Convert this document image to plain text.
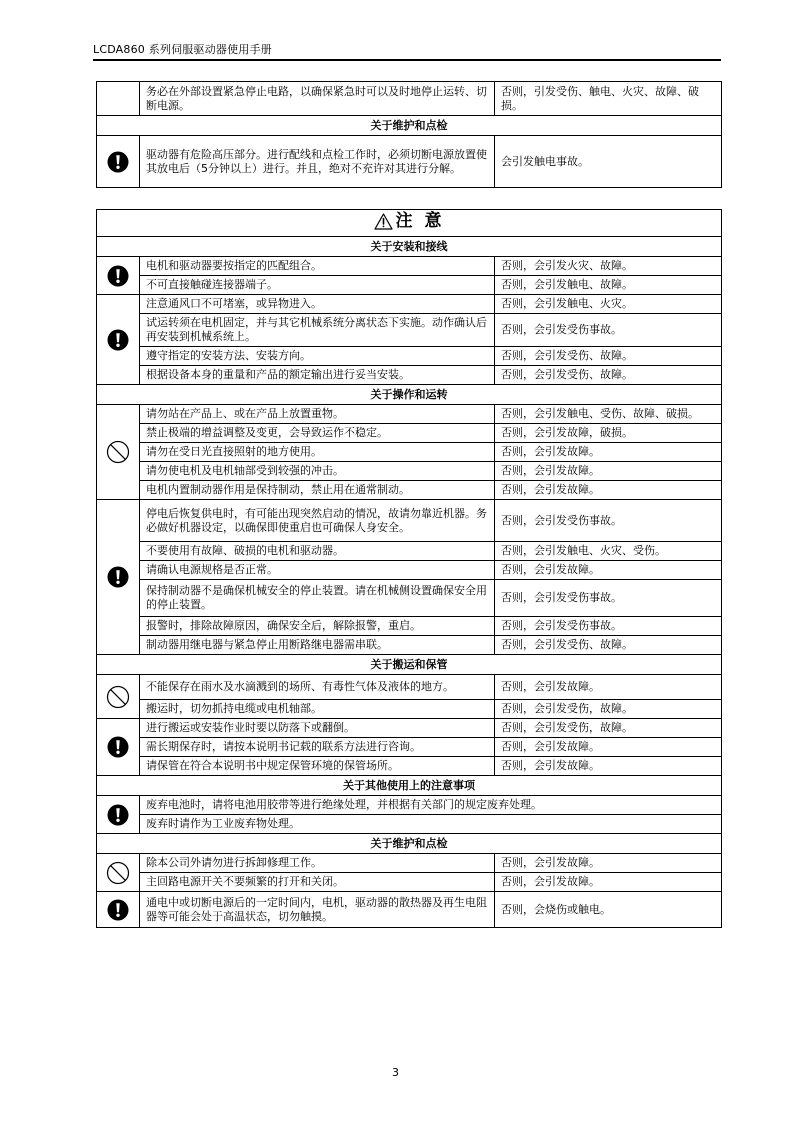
LCDA860 系列伺服驱动器使用手册
	务必在外部设置紧急停止电路，以确保紧急时可以及时地停止运转、切断电源。	否则，引发受伤、触电、火灾、故障、破损。
关于维护和点检		

	驱动器有危险高压部分。进行配线和点检工作时，必须切断电源放置使其放电后（5分钟以上）进行。并且，绝对不充许对其进行分解。	会引发触电事故。
注 意		

关于安装和接线		

	电机和驱动器要按指定的匹配组合。	否则，会引发火灾、故障。
	不可直接触碰连接器端子。	否则，会引发触电、故障。

	注意通风口不可堵塞，或异物进入。	否则，会引发触电、火灾。
	试运转须在电机固定，并与其它机械系统分离状态下实施。动作确认后再安装到机械系统上。	否则，会引发受伤事故。
	遵守指定的安装方法、安装方向。	否则，会引发受伤、故障。
	根据设备本身的重量和产品的额定输出进行妥当安装。	否则，会引发受伤、故障。
关于操作和运转		

	请勿站在产品上、或在产品上放置重物。	否则，会引发触电、受伤、故障、破损。
	禁止极端的增益调整及变更，会导致运作不稳定。	否则，会引发故障，破损。
	请勿在受日光直接照射的地方使用。	否则，会引发故障。
	请勿使电机及电机轴部受到较强的冲击。	否则，会引发故障。
	电机内置制动器作用是保持制动，禁止用在通常制动。	否则，会引发故障。

	停电后恢复供电时，有可能出现突然启动的情况，故请勿靠近机器。务必做好机器设定，以确保即使重启也可确保人身安全。	否则，会引发受伤事故。
	不要使用有故障、破损的电机和驱动器。	否则，会引发触电、火灾、受伤。
	请确认电源规格是否正常。	否则，会引发故障。
	保持制动器不是确保机械安全的停止装置。请在机械侧设置确保安全用的停止装置。	否则，会引发受伤事故。
	报警时，排除故障原因，确保安全后，解除报警，重启。	否则，会引发受伤事故。
	制动器用继电器与紧急停止用断路继电器需串联。	否则，会引发受伤、故障。
关于搬运和保管		

	不能保存在雨水及水滴溅到的场所、有毒性气体及液体的地方。	否则，会引发故障。
	搬运时，切勿抓持电缆或电机轴部。	否则，会引发受伤，故障。

	进行搬运或安装作业时要以防落下或翻倒。	否则，会引发受伤，故障。
	需长期保存时，请按本说明书记载的联系方法进行咨询。	否则，会引发故障。
	请保管在符合本说明书中规定保管环境的保管场所。	否则，会引发故障。
关于其他使用上的注意事项		

	废弃电池时，请将电池用胶带等进行绝缘处理，并根据有关部门的规定废弃处理。	
	废弃时请作为工业废弃物处理。	
关于维护和点检		

	除本公司外请勿进行拆卸修理工作。	否则，会引发故障。
	主回路电源开关不要频繁的打开和关闭。	否则，会引发故障。

	通电中或切断电源后的一定时间内，电机，驱动器的散热器及再生电阻器等可能会处于高温状态，切勿触摸。	否则，会烧伤或触电。
3
